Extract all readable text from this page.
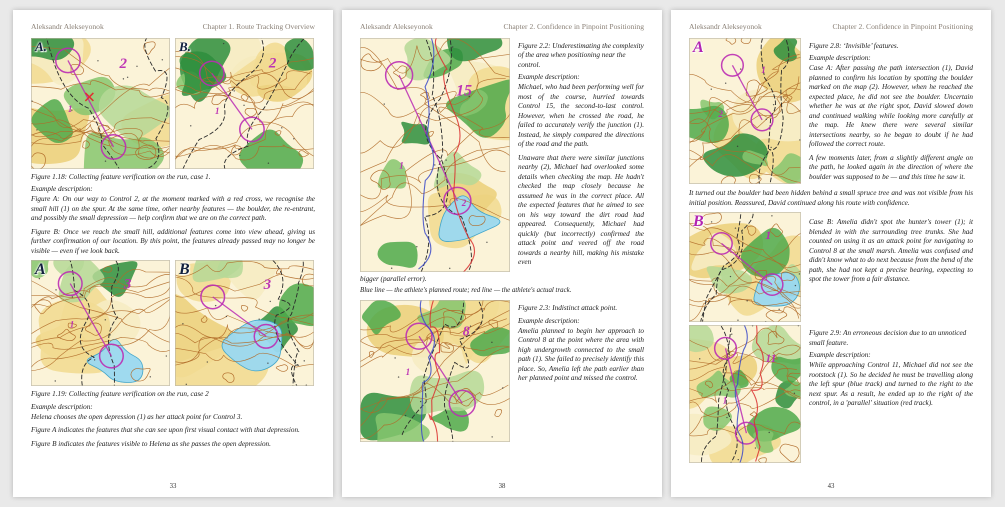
Aleksandr Alekseyonok	Chapter 1. Route Tracking Overview
2
1
A.
2
1
B.

Figure 1.18: Collecting feature verification on the run, case 1.

Example description:

Figure A: On our way to Control 2, at the moment marked with a red cross, we recognise the small hill (1) on the spur. At the same time, other nearby features — the boulder, the re-entrant, and possibly the small depression — help confirm that we are on the correct path.

Figure B: Once we reach the small hill, additional features come into view ahead, giving us further confirmation of our location. By this point, the features already passed may no longer be visible — even if we look back.

3
1
A
3
B

Figure 1.19: Collecting feature verification on the run, case 2

Example description:

Helena chooses the open depression (1) as her attack point for Control 3.

Figure A indicates the features that she can see upon first visual contact with that depression.

Figure B indicates the features visible to Helena as she passes the open depression.

33
Aleksandr Alekseyonok	Chapter 2. Confidence in Pinpoint Positioning
15
1
2

Figure 2.2: Underestimating the complexity of the area when positioning near the control.

Example description:

Michael, who had been performing well for most of the course, hurried towards Control 15, the second-to-last control. However, when he crossed the road, he failed to accurately verify the junction (1). Instead, he simply compared the directions of the road and the path.

Unaware that there were similar junctions nearby (2), Michael had overlooked some details when checking the map. He hadn't checked the map closely because he assumed he was in the correct place. All the expected features that he aimed to see on his way toward the dirt road had appeared. Consequently, Michael had quickly (but incorrectly) confirmed the attack point and veered off the road towards a nearby hill, making his mistake even

bigger (parallel error).

Blue line — the athlete's planned route; red line — the athlete's actual track.

8
1

Figure 2.3: Indistinct attack point.

Example description:

Amelia planned to begin her approach to Control 8 at the point where the area with high undergrowth connected to the small path (1). She failed to precisely identify this place. So, Amelia left the path earlier than her planned point and missed the control.

38
Aleksandr Alekseyonok	Chapter 2. Confidence in Pinpoint Positioning
1
2
A	Figure 2.8: ‘Invisible’ features.

Example description:

Case A: After passing the path intersection (1), David planned to confirm his location by spotting the boulder marked on the map (2). However, when he reached the expected place, he did not see the boulder. Uncertain whether he was at the right spot, David slowed down and continued walking while looking more carefully at the map. He knew there were several similar intersections nearby, so he began to doubt if he had followed the correct route.

A few moments later, from a slightly different angle on the path, he looked again in the direction of where the boulder was supposed to be — and this time he saw it.

It turned out the boulder had been hidden behind a small spruce tree and was not visible from his initial position. Reassured, David continued along his route with confidence.

1
B	Case B: Amelia didn't spot the hunter's tower (1); it blended in with the surrounding tree trunks. She had counted on using it as an attack point for navigating to Control 8 at the small marsh. Amelia was confused and didn't know what to do next because from the bend of the path, she had not kept a precise bearing, expecting to spot the tower from a fair distance.

11
1

Figure 2.9: An erroneous decision due to an unnoticed small feature.

Example description:

While approaching Control 11, Michael did not see the rootstock (1). So he decided he must be travelling along the left spur (blue track) and turned to the right to the next spur. As a result, he ended up to the right of the control, in a 'parallel' situation (red track).

43
